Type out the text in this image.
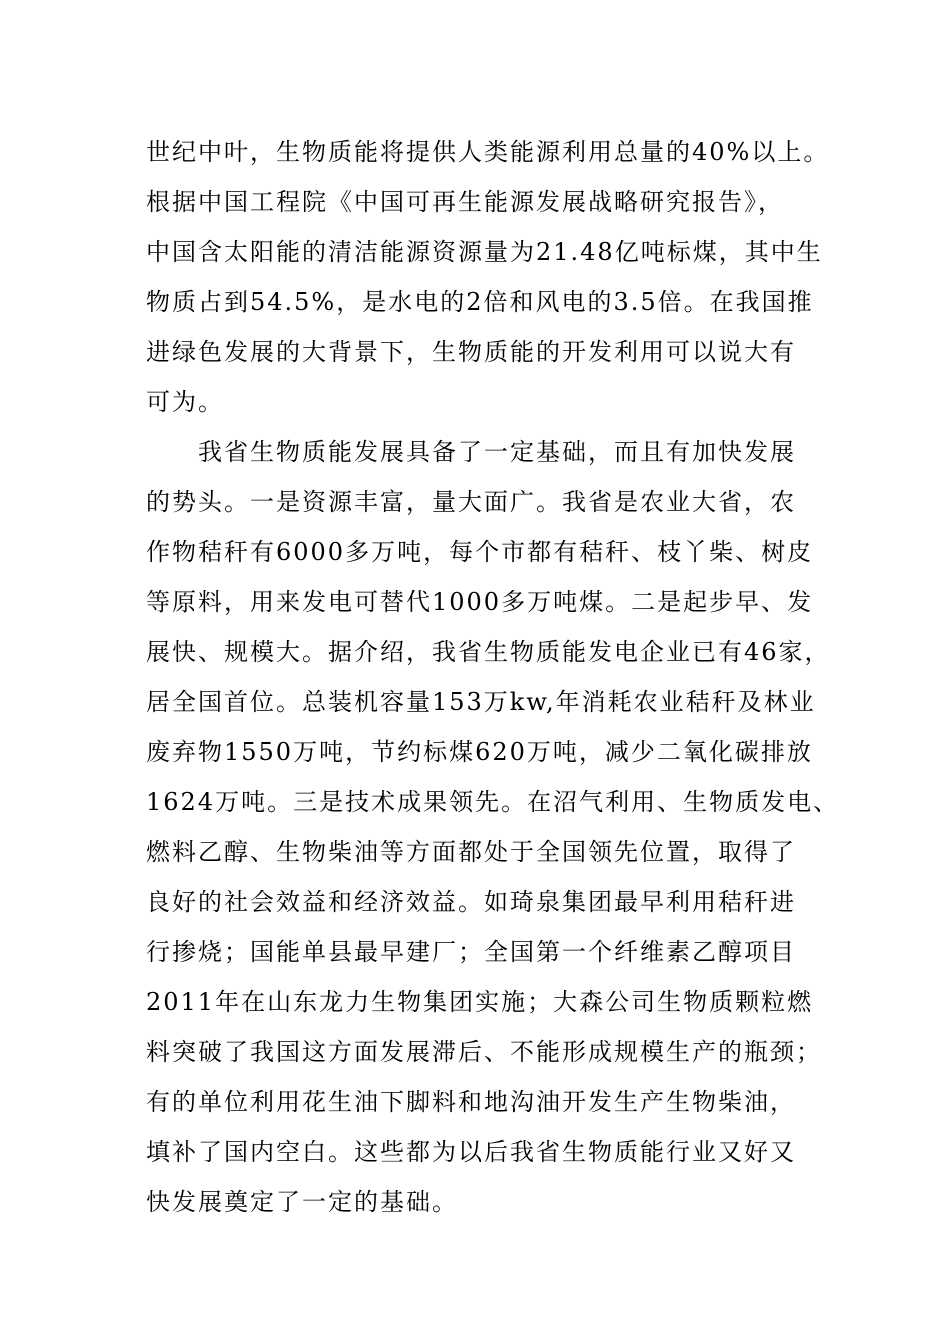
世纪中叶，生物质能将提供人类能源利用总量的40%以上。
根据中国工程院《中国可再生能源发展战略研究报告》，
中国含太阳能的清洁能源资源量为21.48亿吨标煤，其中生
物质占到54.5%，是水电的2倍和风电的3.5倍。在我国推
进绿色发展的大背景下，生物质能的开发利用可以说大有
可为。
我省生物质能发展具备了一定基础，而且有加快发展
的势头。一是资源丰富，量大面广。我省是农业大省，农
作物秸秆有6000多万吨，每个市都有秸秆、枝丫柴、树皮
等原料，用来发电可替代1000多万吨煤。二是起步早、发
展快、规模大。据介绍，我省生物质能发电企业已有46家，
居全国首位。总装机容量153万kw,年消耗农业秸秆及林业
废弃物1550万吨，节约标煤620万吨，减少二氧化碳排放
1624万吨。三是技术成果领先。在沼气利用、生物质发电、
燃料乙醇、生物柴油等方面都处于全国领先位置，取得了
良好的社会效益和经济效益。如琦泉集团最早利用秸秆进
行掺烧；国能单县最早建厂；全国第一个纤维素乙醇项目
2011年在山东龙力生物集团实施；大森公司生物质颗粒燃
料突破了我国这方面发展滞后、不能形成规模生产的瓶颈；
有的单位利用花生油下脚料和地沟油开发生产生物柴油，
填补了国内空白。这些都为以后我省生物质能行业又好又
快发展奠定了一定的基础。
